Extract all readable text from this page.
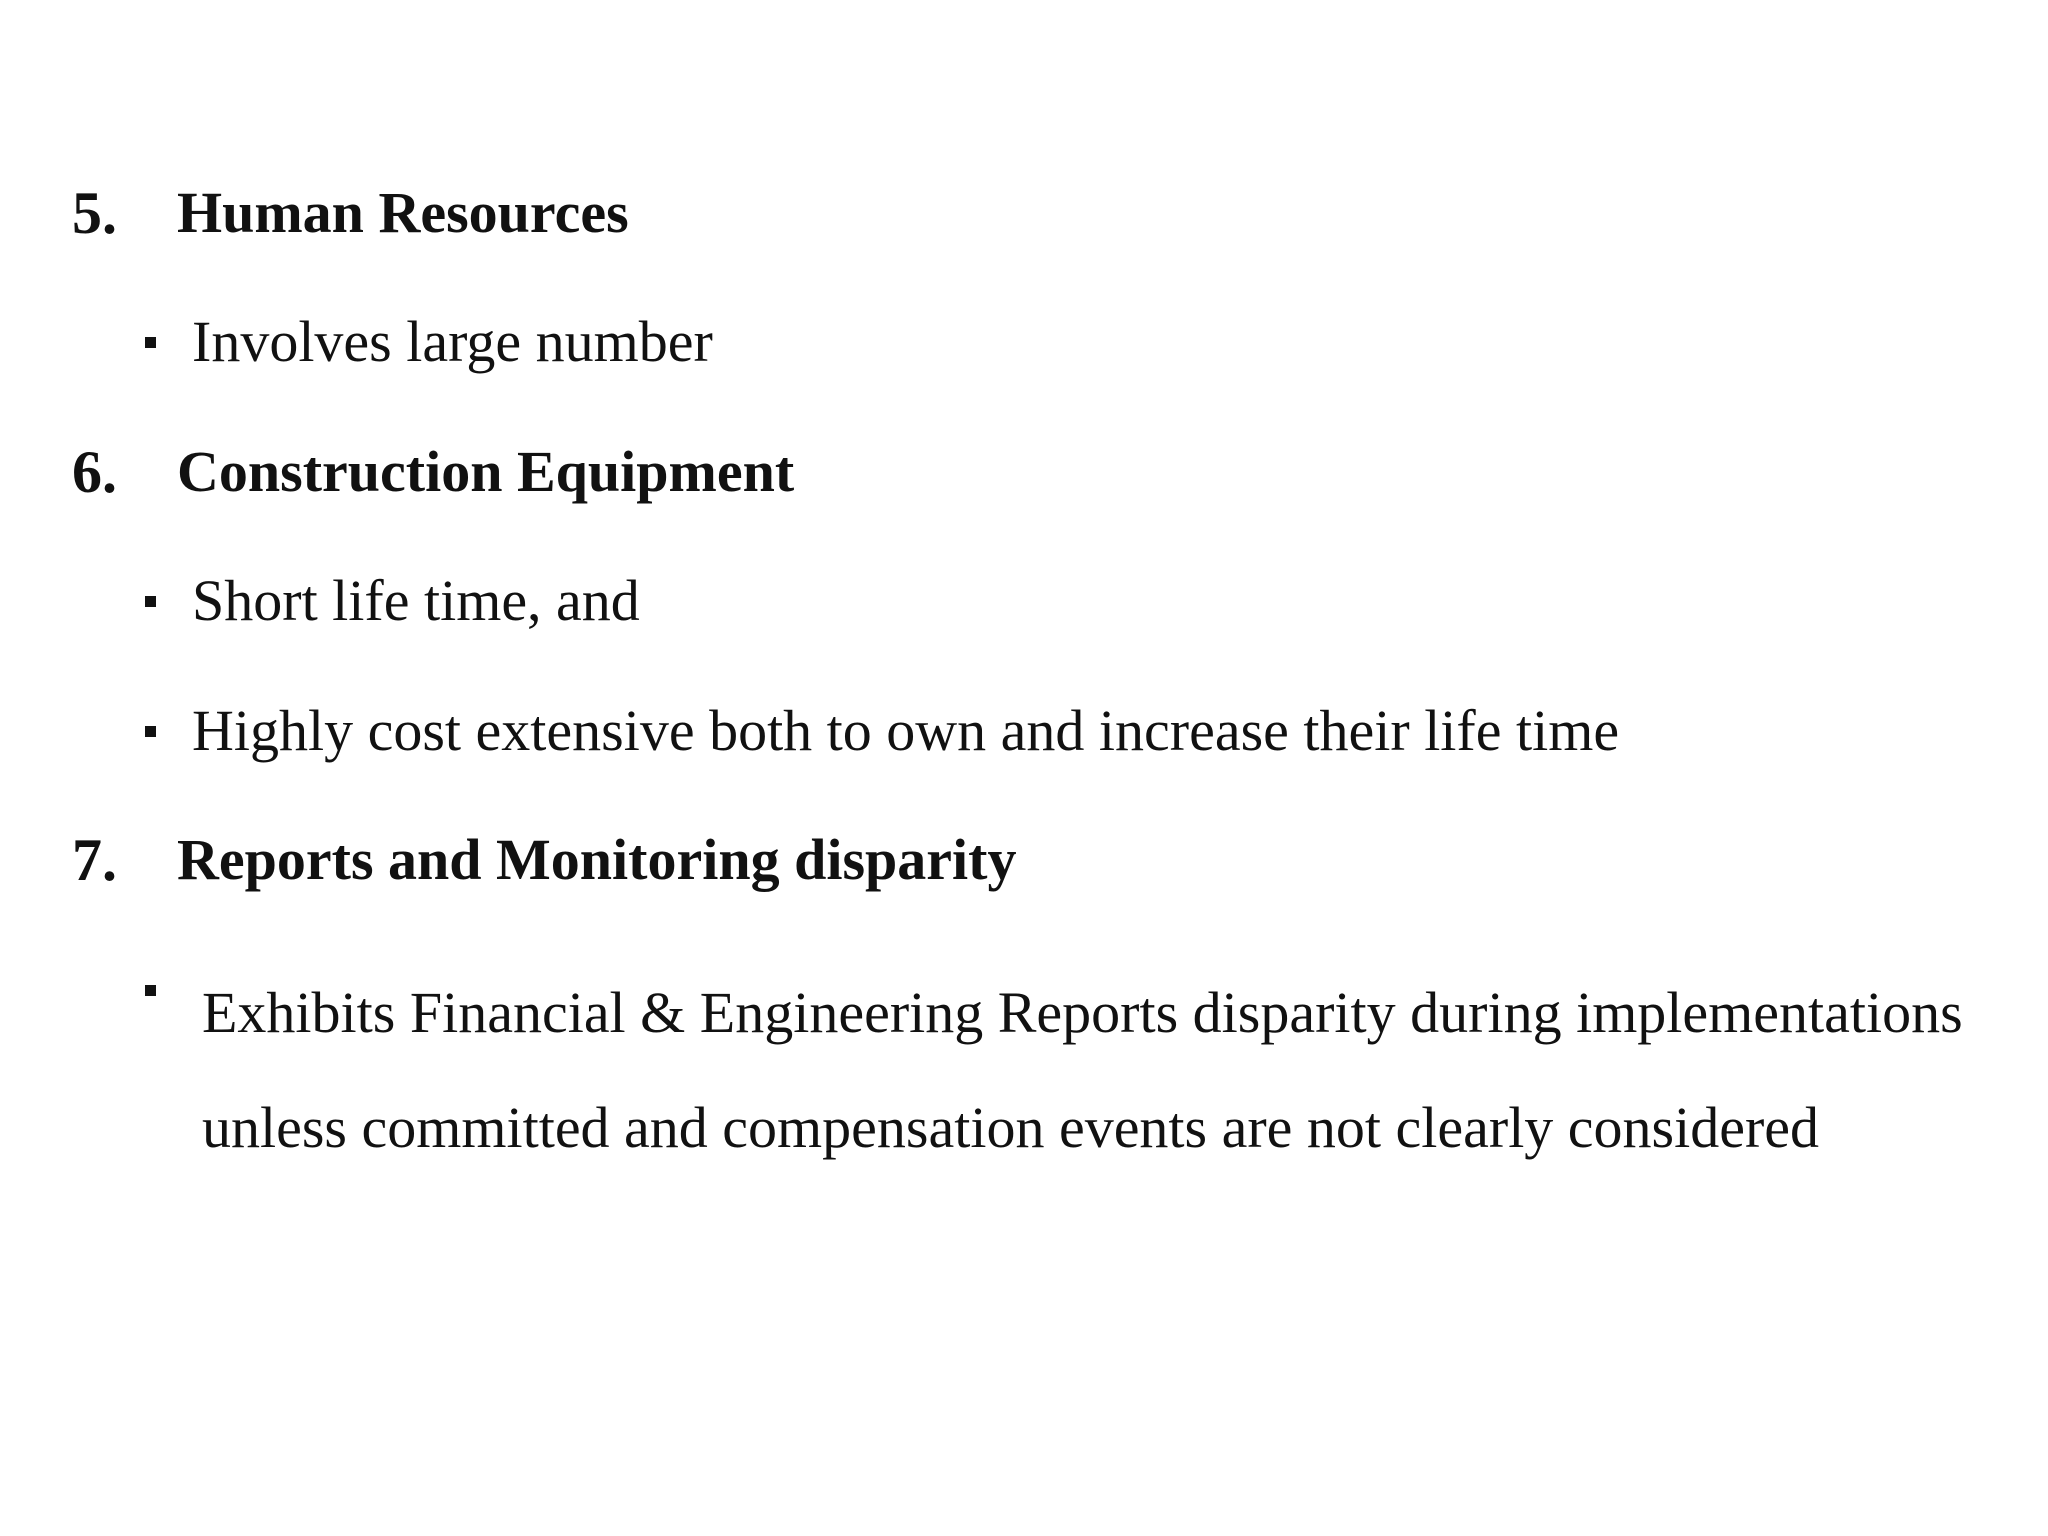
5.	Human Resources
Involves large number
6.	Construction Equipment
Short life time, and
Highly cost extensive both to own and increase their life time
7.	Reports and Monitoring disparity
Exhibits Financial & Engineering Reports disparity during implementations unless committed and compensation events are not clearly considered
